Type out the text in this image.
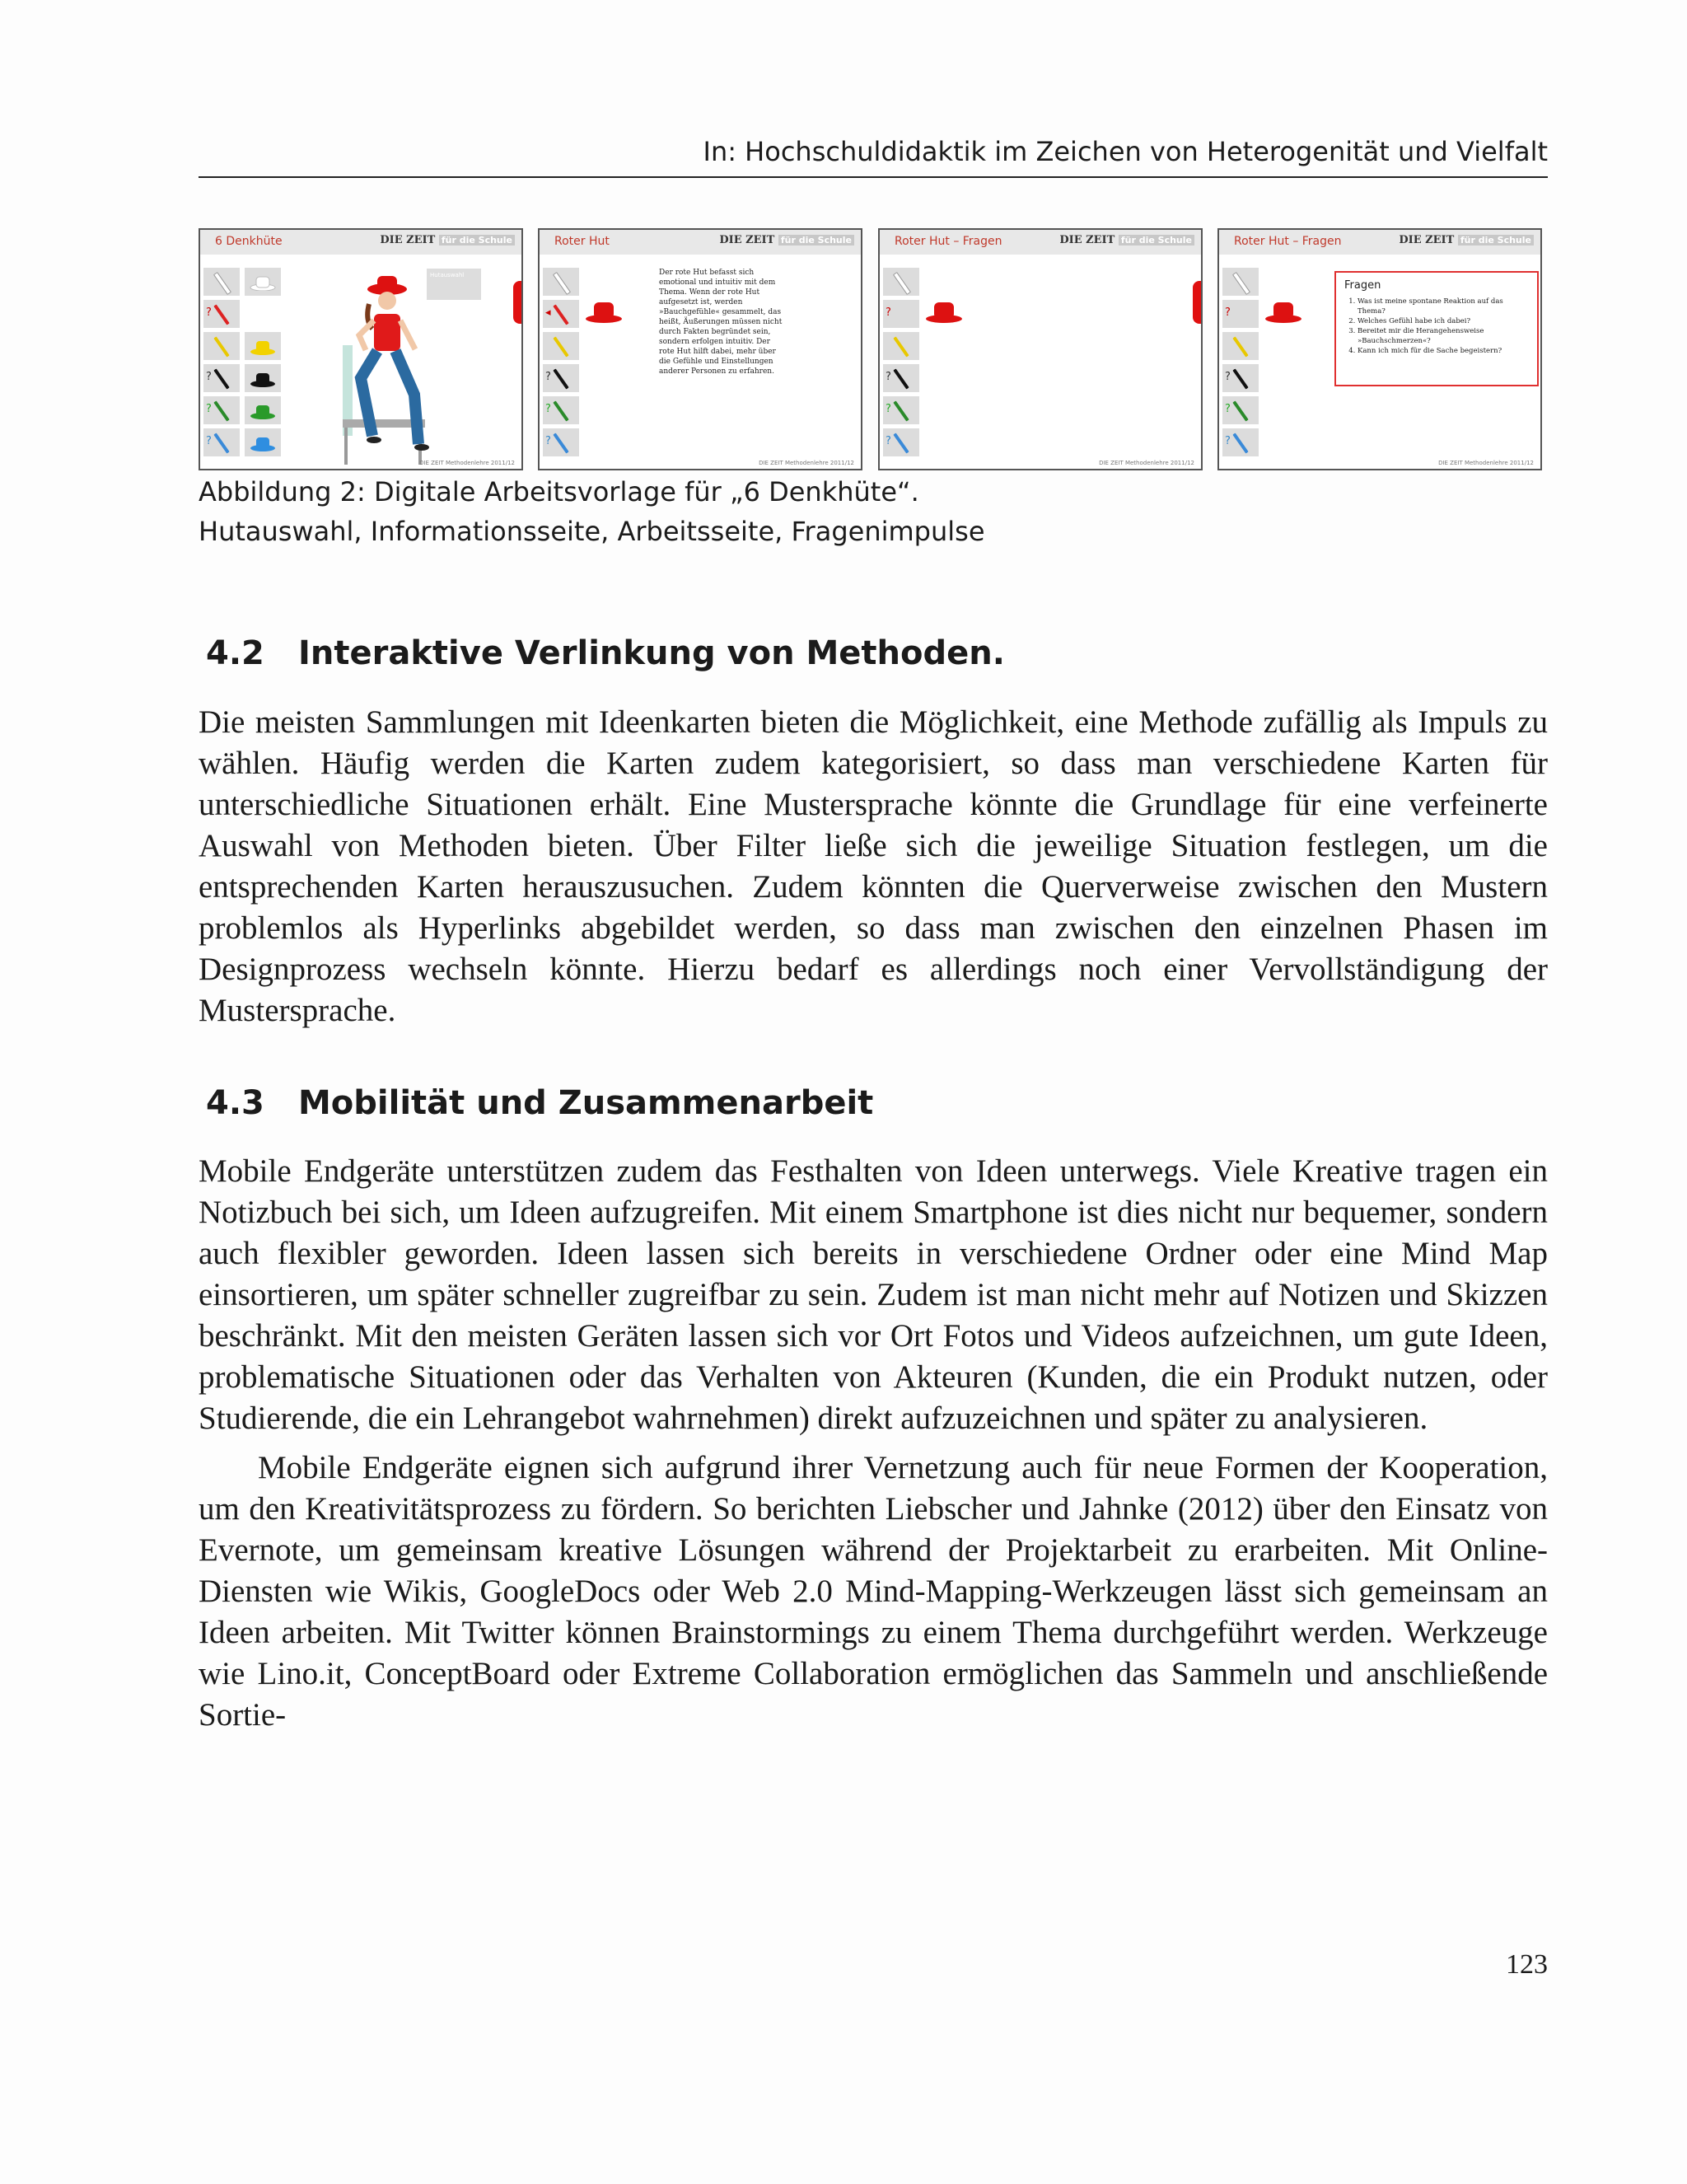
In: Hochschuldidaktik im Zeichen von Heterogenität und Vielfalt
6 Denkhüte	DIE ZEIT für die Schule
?
?
?
?
Hutauswahl
DIE ZEIT Methodenlehre 2011/12
Roter Hut	DIE ZEIT für die Schule
◂
?
?
?
Der rote Hut befasst sich emotional und intuitiv mit dem Thema. Wenn der rote Hut aufgesetzt ist, werden »Bauchgefühle« gesammelt, das heißt, Äußerungen müssen nicht durch Fakten begründet sein, sondern erfolgen intuitiv. Der rote Hut hilft dabei, mehr über die Gefühle und Einstellungen anderer Personen zu erfahren.
DIE ZEIT Methodenlehre 2011/12
Roter Hut – Fragen	DIE ZEIT für die Schule
?
?
?
?
DIE ZEIT Methodenlehre 2011/12
Roter Hut – Fragen	DIE ZEIT für die Schule
?
?
?
?
Fragen
1. Was ist meine spontane Reaktion auf das Thema?
2. Welches Gefühl habe ich dabei?
3. Bereitet mir die Herangehensweise »Bauchschmerzen«?
4. Kann ich mich für die Sache begeistern?
DIE ZEIT Methodenlehre 2011/12
Abbildung 2: Digitale Arbeitsvorlage für „6 Denkhüte“.
Hutauswahl, Informationsseite, Arbeitsseite, Fragenimpulse
4.2 Interaktive Verlinkung von Methoden.

Die meisten Sammlungen mit Ideenkarten bieten die Möglichkeit, eine Methode zufällig als Impuls zu wählen. Häufig werden die Karten zudem kategorisiert, so dass man verschiedene Karten für unterschiedliche Situationen erhält. Eine Mustersprache könnte die Grundlage für eine verfeinerte Auswahl von Methoden bieten. Über Filter ließe sich die jeweilige Situation festlegen, um die entsprechenden Karten herauszusuchen. Zudem könnten die Querverweise zwischen den Mustern problemlos als Hyperlinks abgebildet werden, so dass man zwischen den einzelnen Phasen im Designprozess wechseln könnte. Hierzu bedarf es allerdings noch einer Vervollständigung der Mustersprache.

4.3 Mobilität und Zusammenarbeit

Mobile Endgeräte unterstützen zudem das Festhalten von Ideen unterwegs. Viele Kreative tragen ein Notizbuch bei sich, um Ideen aufzugreifen. Mit einem Smartphone ist dies nicht nur bequemer, sondern auch flexibler geworden. Ideen lassen sich bereits in verschiedene Ordner oder eine Mind Map einsortieren, um später schneller zugreifbar zu sein. Zudem ist man nicht mehr auf Notizen und Skizzen beschränkt. Mit den meisten Geräten lassen sich vor Ort Fotos und Videos aufzeichnen, um gute Ideen, problematische Situationen oder das Verhalten von Akteuren (Kunden, die ein Produkt nutzen, oder Studierende, die ein Lehrangebot wahrnehmen) direkt aufzuzeichnen und später zu analysieren.

Mobile Endgeräte eignen sich aufgrund ihrer Vernetzung auch für neue Formen der Kooperation, um den Kreativitätsprozess zu fördern. So berichten Liebscher und Jahnke (2012) über den Einsatz von Evernote, um gemeinsam kreative Lösungen während der Projektarbeit zu erarbeiten. Mit Online-Diensten wie Wikis, GoogleDocs oder Web 2.0 Mind-Mapping-Werkzeugen lässt sich gemeinsam an Ideen arbeiten. Mit Twitter können Brainstormings zu einem Thema durchgeführt werden. Werkzeuge wie Lino.it, ConceptBoard oder Extreme Collaboration ermöglichen das Sammeln und anschließende Sortie-

123
